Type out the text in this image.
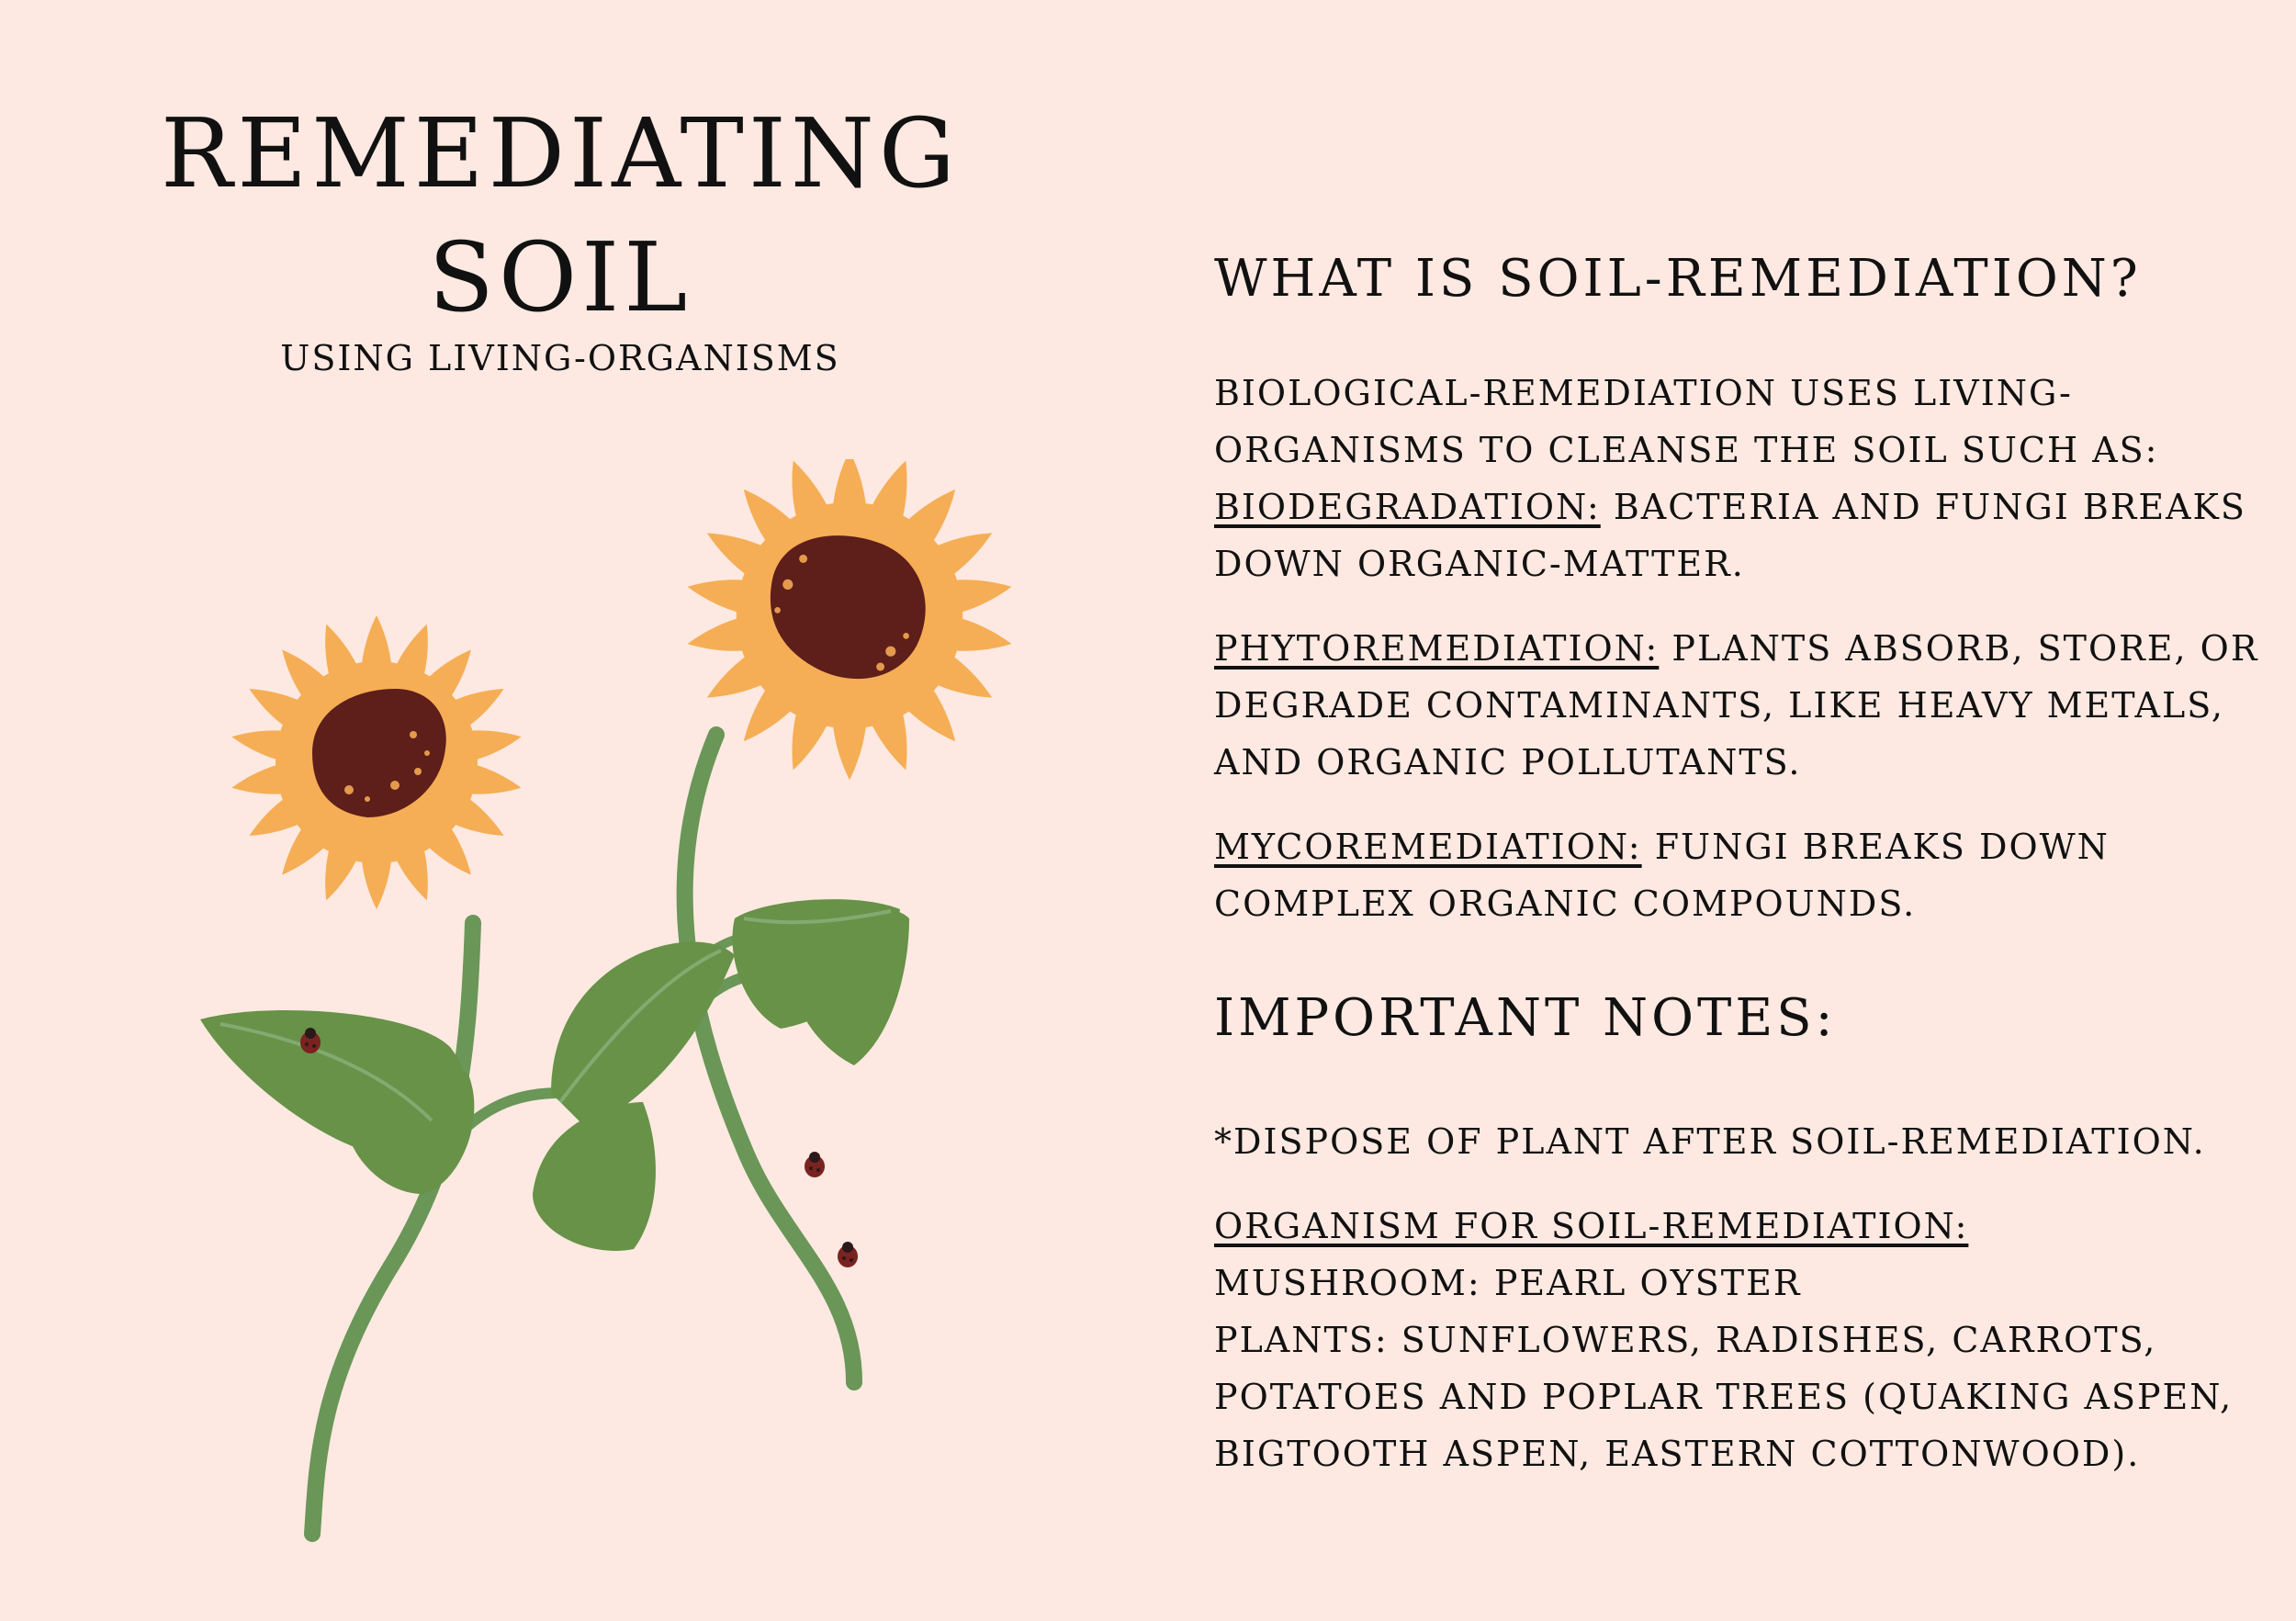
REMEDIATING
SOIL

USING LIVING-ORGANISMS

WHAT IS SOIL-REMEDIATION?

BIOLOGICAL-REMEDIATION USES LIVING-ORGANISMS TO CLEANSE THE SOIL SUCH AS:

BIODEGRADATION: BACTERIA AND FUNGI BREAKS DOWN ORGANIC-MATTER.

PHYTOREMEDIATION: PLANTS ABSORB, STORE, OR DEGRADE CONTAMINANTS, LIKE HEAVY METALS, AND ORGANIC POLLUTANTS.

MYCOREMEDIATION: FUNGI BREAKS DOWN COMPLEX ORGANIC COMPOUNDS.

IMPORTANT NOTES:

*DISPOSE OF PLANT AFTER SOIL-REMEDIATION.

ORGANISM FOR SOIL-REMEDIATION:
MUSHROOM: PEARL OYSTER
PLANTS: SUNFLOWERS, RADISHES, CARROTS, POTATOES AND POPLAR TREES (QUAKING ASPEN, BIGTOOTH ASPEN, EASTERN COTTONWOOD).
